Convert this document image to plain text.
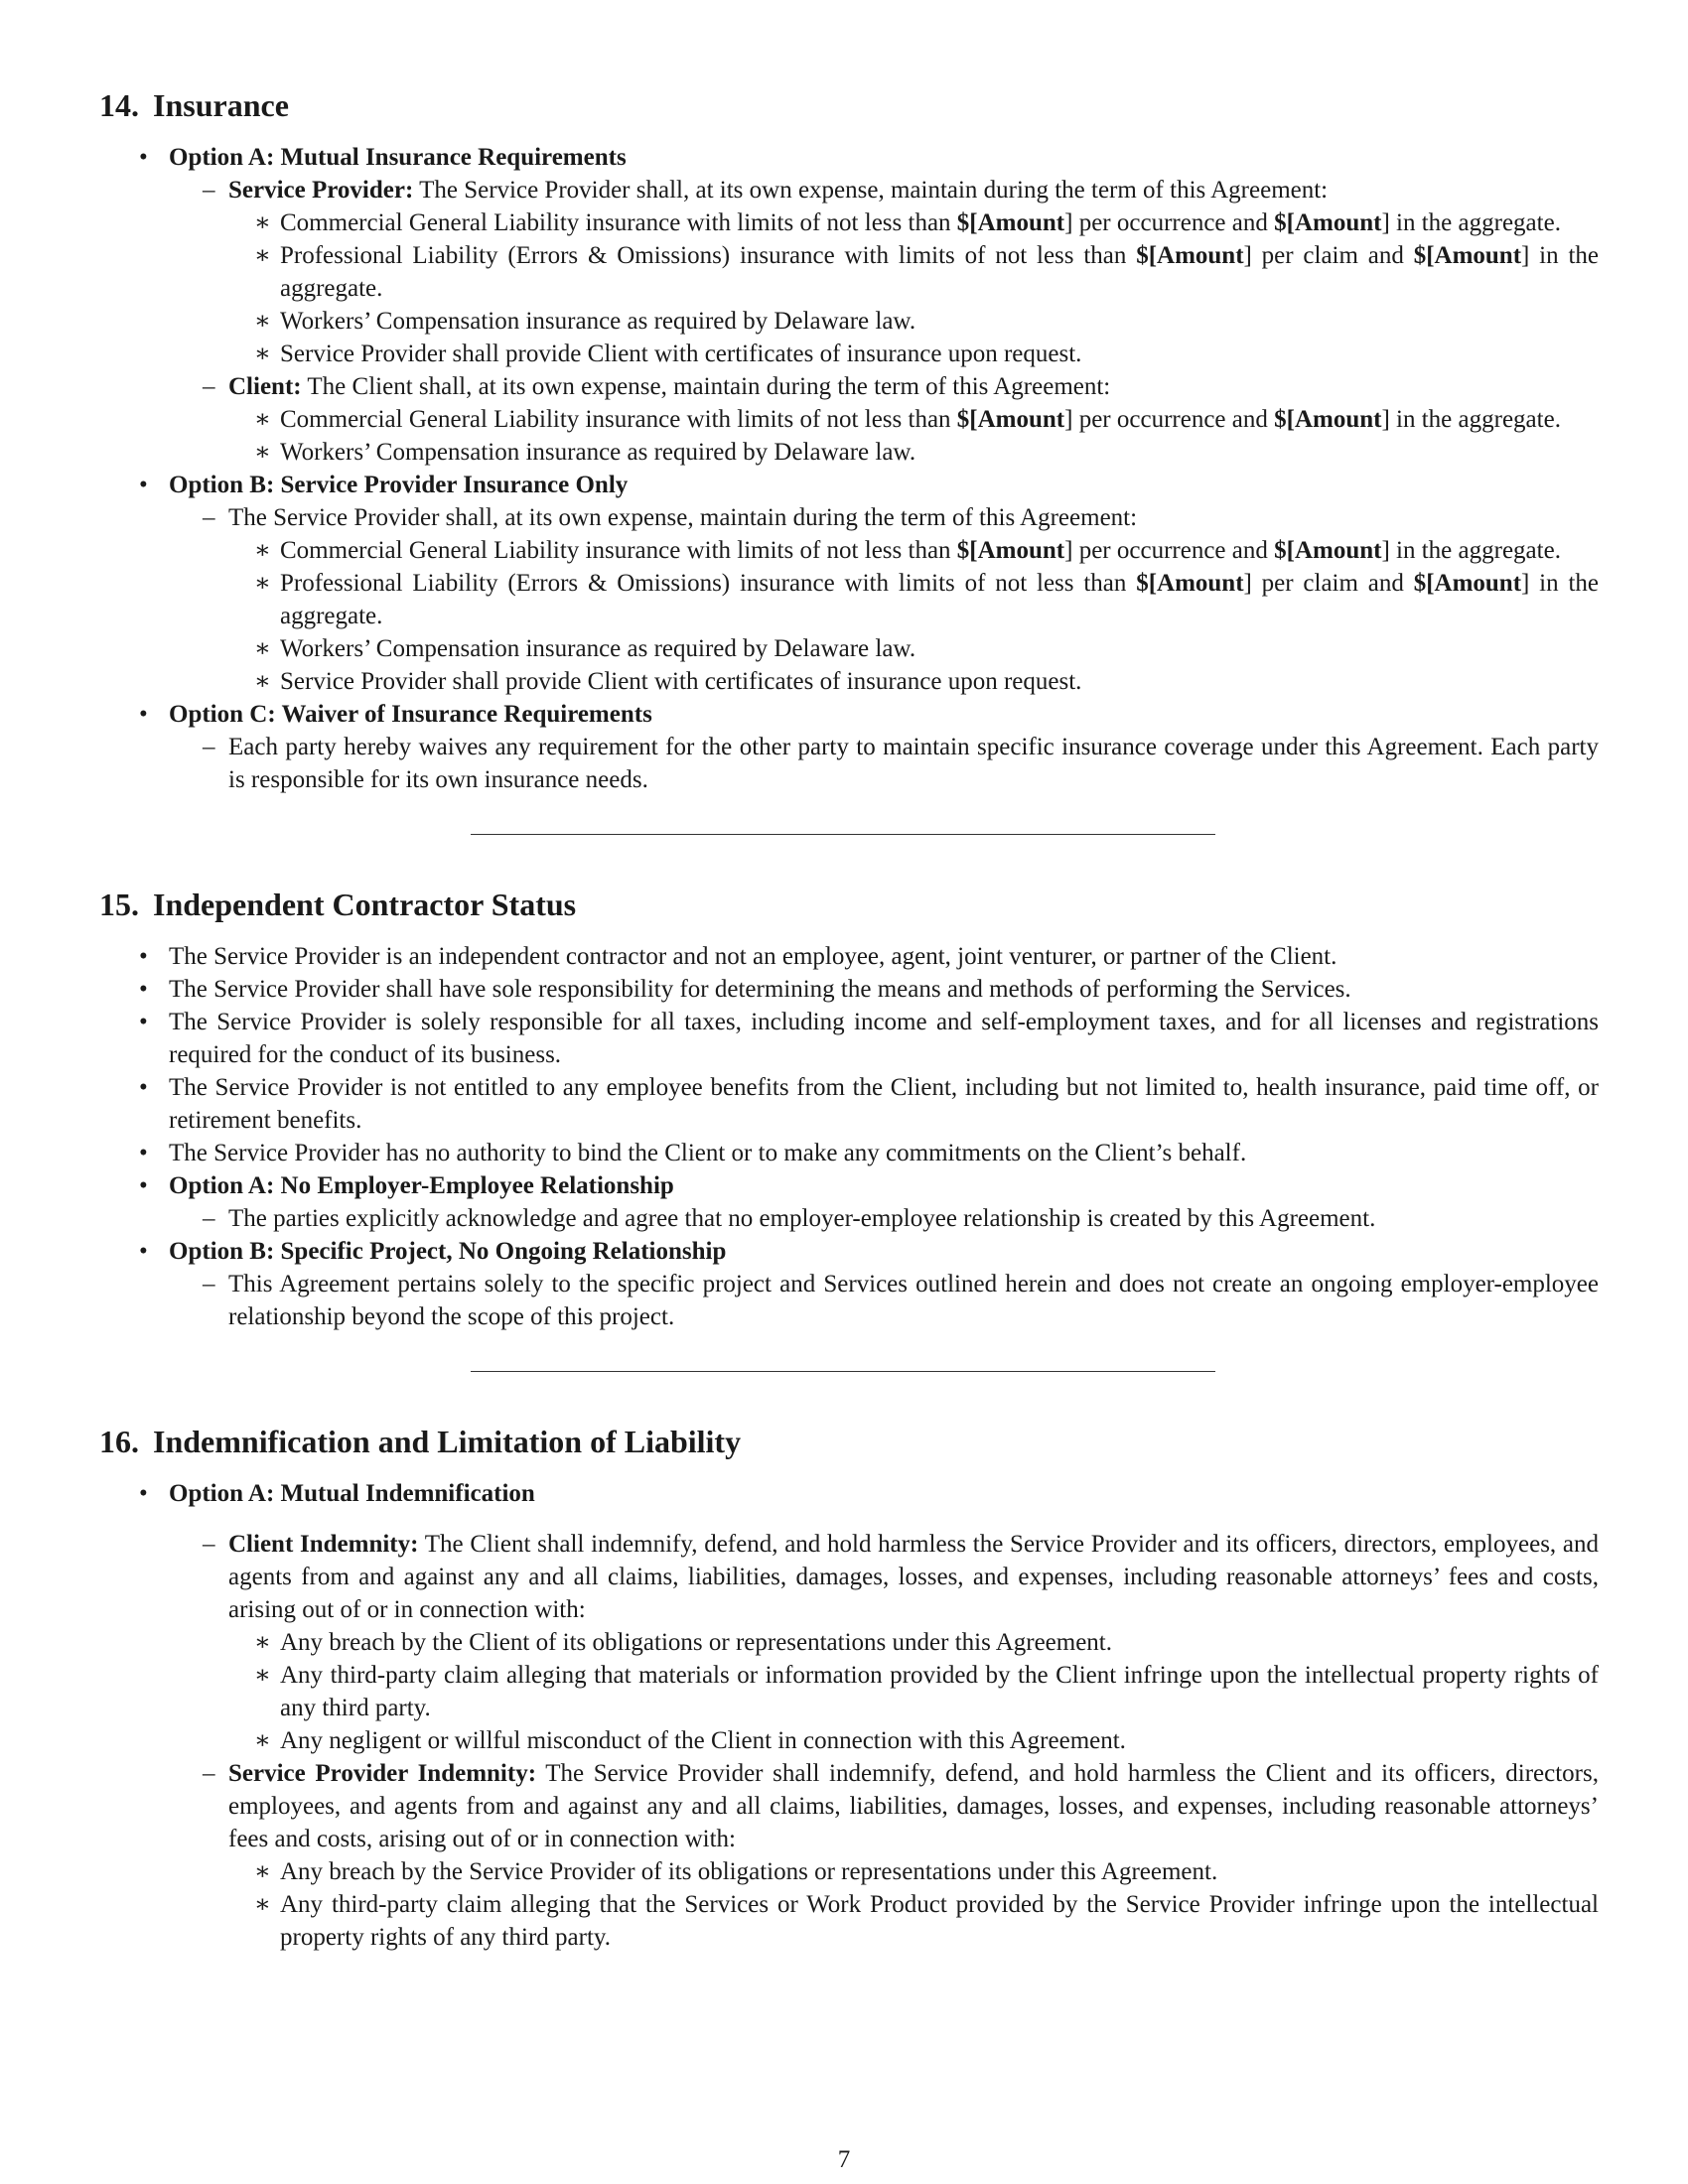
14. Insurance
• Option A: Mutual Insurance Requirements
– Service Provider: The Service Provider shall, at its own expense, maintain during the term of this Agreement:
∗ Commercial General Liability insurance with limits of not less than $[Amount] per occurrence and $[Amount] in the aggregate.
∗ Professional Liability (Errors & Omissions) insurance with limits of not less than $[Amount] per claim and $[Amount] in the aggregate.
∗ Workers’ Compensation insurance as required by Delaware law.
∗ Service Provider shall provide Client with certificates of insurance upon request.
– Client: The Client shall, at its own expense, maintain during the term of this Agreement:
∗ Commercial General Liability insurance with limits of not less than $[Amount] per occurrence and $[Amount] in the aggregate.
∗ Workers’ Compensation insurance as required by Delaware law.
• Option B: Service Provider Insurance Only
– The Service Provider shall, at its own expense, maintain during the term of this Agreement:
∗ Commercial General Liability insurance with limits of not less than $[Amount] per occurrence and $[Amount] in the aggregate.
∗ Professional Liability (Errors & Omissions) insurance with limits of not less than $[Amount] per claim and $[Amount] in the aggregate.
∗ Workers’ Compensation insurance as required by Delaware law.
∗ Service Provider shall provide Client with certificates of insurance upon request.
• Option C: Waiver of Insurance Requirements
– Each party hereby waives any requirement for the other party to maintain specific insurance coverage under this Agreement. Each party is responsible for its own insurance needs.
15. Independent Contractor Status
• The Service Provider is an independent contractor and not an employee, agent, joint venturer, or partner of the Client.
• The Service Provider shall have sole responsibility for determining the means and methods of performing the Services.
• The Service Provider is solely responsible for all taxes, including income and self-employment taxes, and for all licenses and registrations required for the conduct of its business.
• The Service Provider is not entitled to any employee benefits from the Client, including but not limited to, health insurance, paid time off, or retirement benefits.
• The Service Provider has no authority to bind the Client or to make any commitments on the Client’s behalf.
• Option A: No Employer-Employee Relationship
– The parties explicitly acknowledge and agree that no employer-employee relationship is created by this Agreement.
• Option B: Specific Project, No Ongoing Relationship
– This Agreement pertains solely to the specific project and Services outlined herein and does not create an ongoing employer-employee relationship beyond the scope of this project.
16. Indemnification and Limitation of Liability
• Option A: Mutual Indemnification
– Client Indemnity: The Client shall indemnify, defend, and hold harmless the Service Provider and its officers, directors, employees, and agents from and against any and all claims, liabilities, damages, losses, and expenses, including reasonable attorneys’ fees and costs, arising out of or in connection with:
∗ Any breach by the Client of its obligations or representations under this Agreement.
∗ Any third-party claim alleging that materials or information provided by the Client infringe upon the intellectual property rights of any third party.
∗ Any negligent or willful misconduct of the Client in connection with this Agreement.
– Service Provider Indemnity: The Service Provider shall indemnify, defend, and hold harmless the Client and its officers, directors, employees, and agents from and against any and all claims, liabilities, damages, losses, and expenses, including reasonable attorneys’ fees and costs, arising out of or in connection with:
∗ Any breach by the Service Provider of its obligations or representations under this Agreement.
∗ Any third-party claim alleging that the Services or Work Product provided by the Service Provider infringe upon the intellectual property rights of any third party.
7
